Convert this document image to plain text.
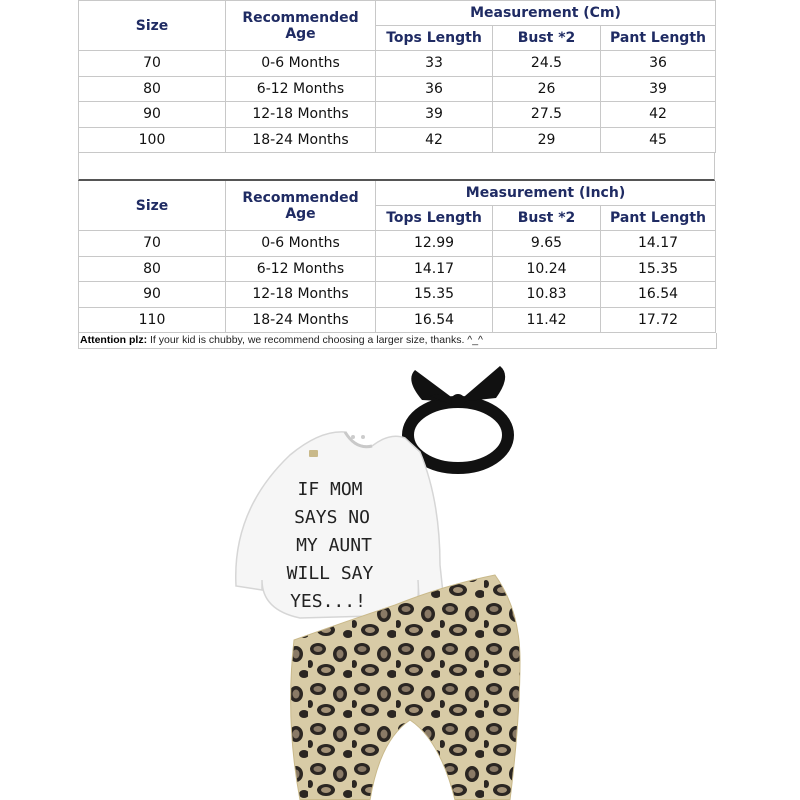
Size	Recommended Age	Measurement (Cm)		
		Tops Length	Bust *2	Pant Length
70	0-6 Months	33	24.5	36
80	6-12 Months	36	26	39
90	12-18 Months	39	27.5	42
100	18-24 Months	42	29	45
Size	Recommended Age	Measurement (Inch)		
		Tops Length	Bust *2	Pant Length
70	0-6 Months	12.99	9.65	14.17
80	6-12 Months	14.17	10.24	15.35
90	12-18 Months	15.35	10.83	16.54
110	18-24 Months	16.54	11.42	17.72
Attention plz: If your kid is chubby, we recommend choosing a larger size, thanks. ^_^
IF MOM
SAYS NO
MY AUNT
WILL SAY
YES...!
